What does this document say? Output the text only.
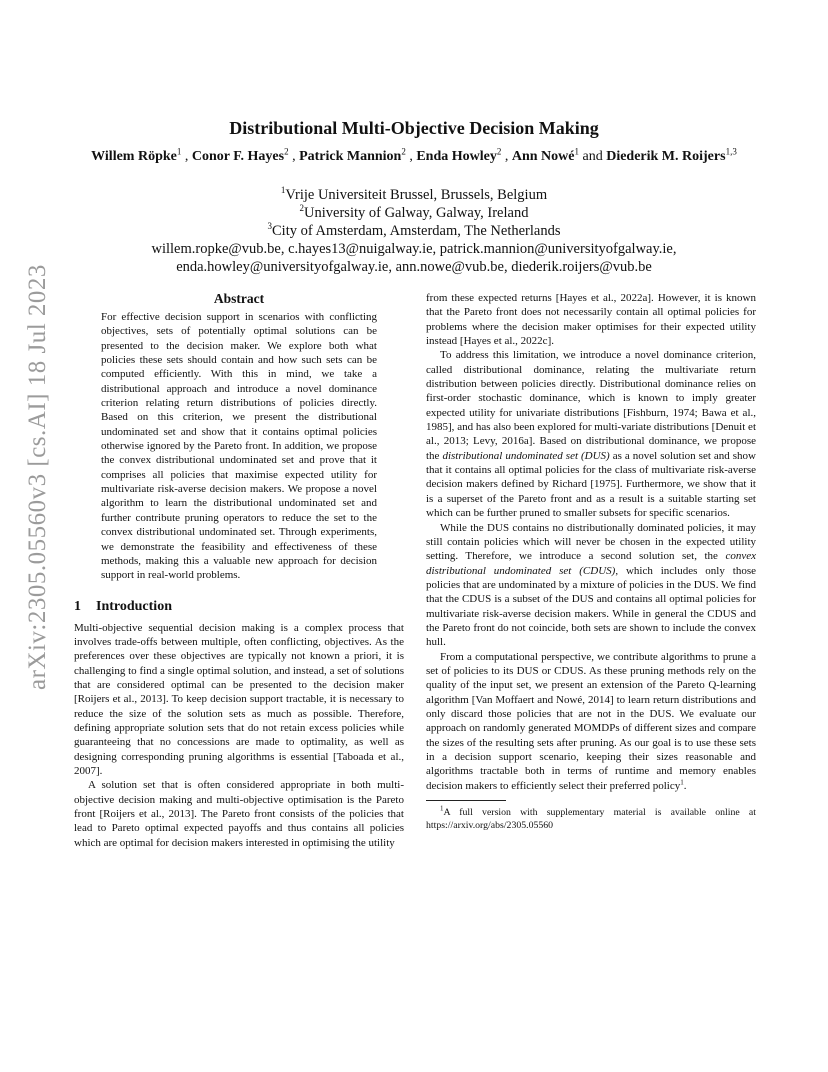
arXiv:2305.05560v3 [cs.AI] 18 Jul 2023
Distributional Multi-Objective Decision Making
Willem Röpke$^1$ , Conor F. Hayes$^2$ , Patrick Mannion$^2$ , Enda Howley$^2$ , Ann Nowé$^1$ and Diederik M. Roijers$^{1,3}$
$^1$Vrije Universiteit Brussel, Brussels, Belgium
$^2$University of Galway, Galway, Ireland
$^3$City of Amsterdam, Amsterdam, The Netherlands
willem.ropke@vub.be, c.hayes13@nuigalway.ie, patrick.mannion@universityofgalway.ie,
enda.howley@universityofgalway.ie, ann.nowe@vub.be, diederik.roijers@vub.be
Abstract
For effective decision support in scenarios with conflicting objectives, sets of potentially optimal solutions can be presented to the decision maker. We explore both what policies these sets should contain and how such sets can be computed efficiently. With this in mind, we take a distributional approach and introduce a novel dominance criterion relating return distributions of policies directly. Based on this criterion, we present the distributional undominated set and show that it contains optimal policies otherwise ignored by the Pareto front. In addition, we propose the convex distributional undominated set and prove that it comprises all policies that maximise expected utility for multivariate risk-averse decision makers. We propose a novel algorithm to learn the distributional undominated set and further contribute pruning operators to reduce the set to the convex distributional undominated set. Through experiments, we demonstrate the feasibility and effectiveness of these methods, making this a valuable new approach for decision support in real-world problems.
1 Introduction

Multi-objective sequential decision making is a complex process that involves trade-offs between multiple, often conflicting, objectives. As the preferences over these objectives are typically not known a priori, it is challenging to find a single optimal solution, and instead, a set of solutions that are considered optimal can be presented to the decision maker [Roijers et al., 2013]. To keep decision support tractable, it is necessary to reduce the size of the solution sets as much as possible. Therefore, defining appropriate solution sets that do not retain excess policies while guaranteeing that no concessions are made to optimality, as well as designing corresponding pruning algorithms is essential [Taboada et al., 2007].

A solution set that is often considered appropriate in both multi-objective decision making and multi-objective optimisation is the Pareto front [Roijers et al., 2013]. The Pareto front consists of the policies that lead to Pareto optimal expected payoffs and thus contains all policies which are optimal for decision makers interested in optimising the utility

from these expected returns [Hayes et al., 2022a]. However, it is known that the Pareto front does not necessarily contain all optimal policies for problems where the decision maker optimises for their expected utility instead [Hayes et al., 2022c].

To address this limitation, we introduce a novel dominance criterion, called distributional dominance, relating the multivariate return distribution between policies directly. Distributional dominance relies on first-order stochastic dominance, which is known to imply greater expected utility for univariate distributions [Fishburn, 1974; Bawa et al., 1985], and has also been explored for multi-variate distributions [Denuit et al., 2013; Levy, 2016a]. Based on distributional dominance, we propose the distributional undominated set (DUS) as a novel solution set and show that it contains all optimal policies for the class of multivariate risk-averse decision makers defined by Richard [1975]. Furthermore, we show that it is a superset of the Pareto front and as a result is a suitable starting set which can be further pruned to smaller subsets for specific scenarios.

While the DUS contains no distributionally dominated policies, it may still contain policies which will never be chosen in the expected utility setting. Therefore, we introduce a second solution set, the convex distributional undominated set (CDUS), which includes only those policies that are undominated by a mixture of policies in the DUS. We find that the CDUS is a subset of the DUS and contains all optimal policies for multivariate risk-averse decision makers. While in general the CDUS and the Pareto front do not coincide, both sets are shown to include the convex hull.

From a computational perspective, we contribute algorithms to prune a set of policies to its DUS or CDUS. As these pruning methods rely on the quality of the input set, we present an extension of the Pareto Q-learning algorithm [Van Moffaert and Nowé, 2014] to learn return distributions and only discard those policies that are not in the DUS. We evaluate our approach on randomly generated MOMDPs of different sizes and compare the sizes of the resulting sets after pruning. As our goal is to use these sets in a decision support scenario, keeping their sizes reasonable and algorithms tractable both in terms of runtime and memory enables decision makers to efficiently select their preferred policy$^1$.

$^1$A full version with supplementary material is available online at https://arxiv.org/abs/2305.05560
